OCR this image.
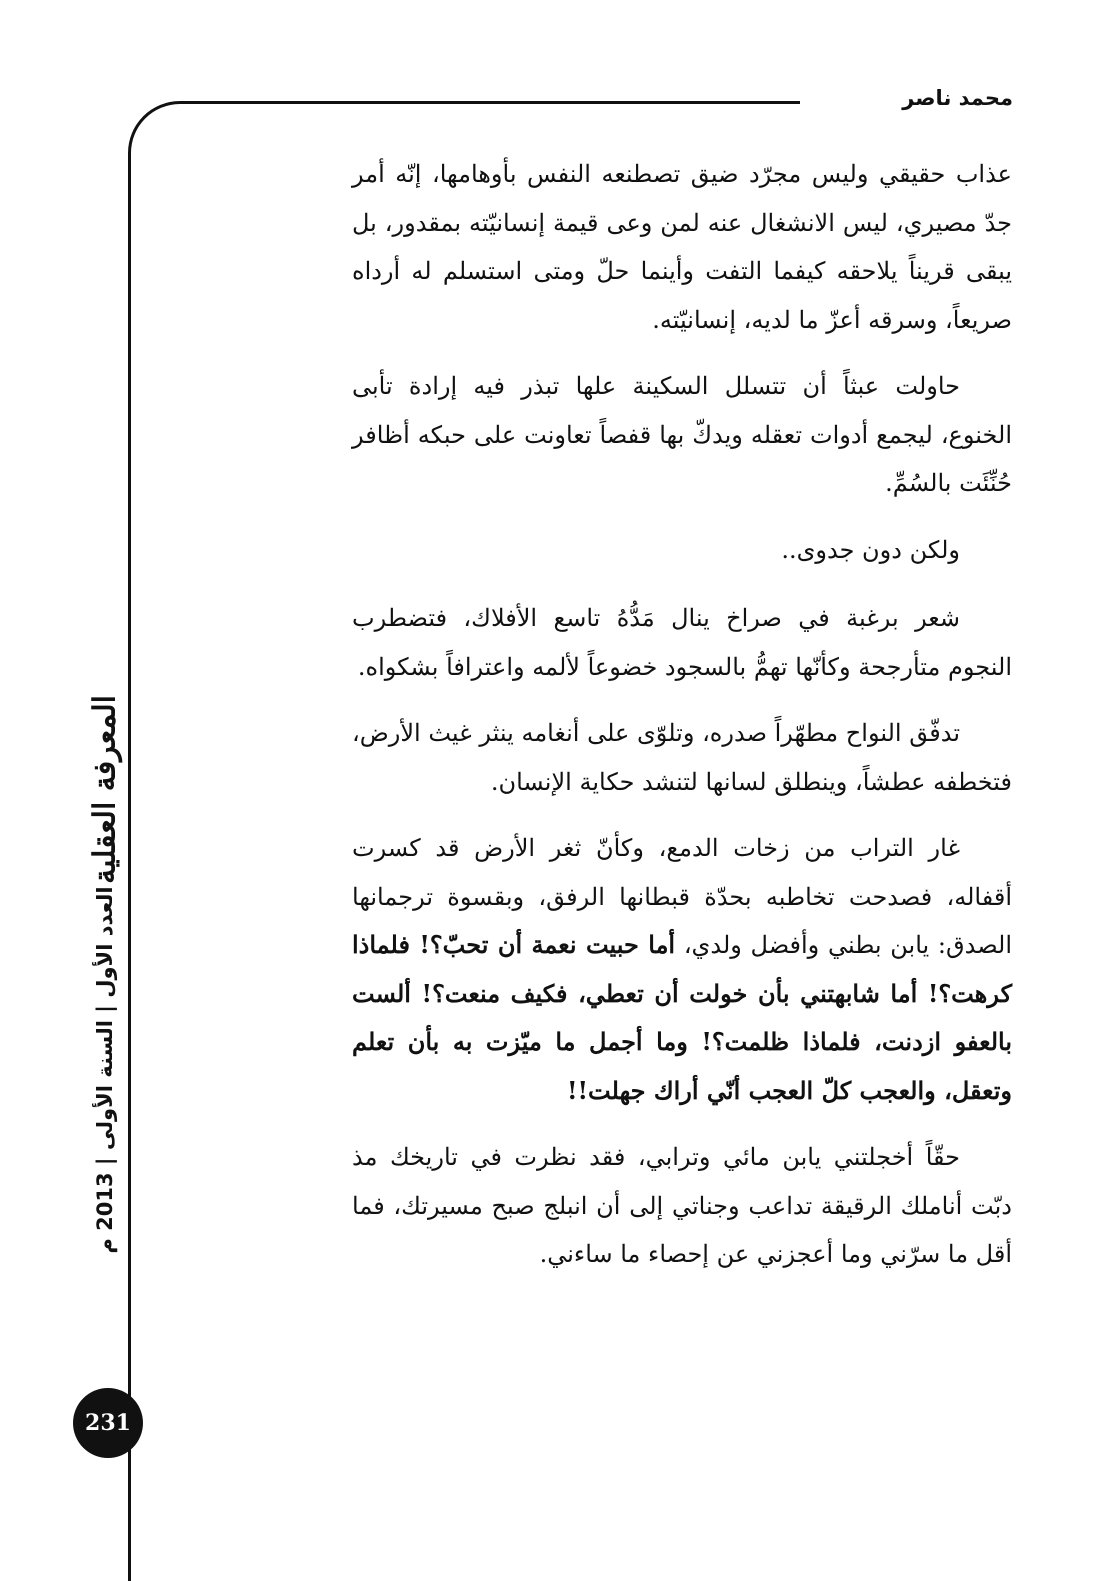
محمد ناصر

عذاب حقيقي وليس مجرّد ضيق تصطنعه النفس بأوهامها، إنّه أمر جدّ مصيري، ليس الانشغال عنه لمن وعى قيمة إنسانيّته بمقدور، بل يبقى قريناً يلاحقه كيفما التفت وأينما حلّ ومتى استسلم له أرداه صريعاً، وسرقه أعزّ ما لديه، إنسانيّته.

حاولت عبثاً أن تتسلل السكينة علها تبذر فيه إرادة تأبى الخنوع، ليجمع أدوات تعقله ويدكّ بها قفصاً تعاونت على حبكه أظافر حُنِّئَت بالسُمِّ.

ولكن دون جدوى..

شعر برغبة في صراخ ينال مَدُّهُ تاسع الأفلاك، فتضطرب النجوم متأرجحة وكأنّها تهمُّ بالسجود خضوعاً لألمه واعترافاً بشكواه.

تدفّق النواح مطهّراً صدره، وتلوّى على أنغامه ينثر غيث الأرض، فتخطفه عطشاً، وينطلق لسانها لتنشد حكاية الإنسان.

غار التراب من زخات الدمع، وكأنّ ثغر الأرض قد كسرت أقفاله، فصدحت تخاطبه بحدّة قبطانها الرفق، وبقسوة ترجمانها الصدق: يابن بطني وأفضل ولدي، أما حبيت نعمة أن تحبّ؟! فلماذا كرهت؟! أما شابهتني بأن خولت أن تعطي، فكيف منعت؟! ألست بالعفو ازدنت، فلماذا ظلمت؟! وما أجمل ما ميّزت به بأن تعلم وتعقل، والعجب كلّ العجب أنّي أراك جهلت!!

حقّاً أخجلتني يابن مائي وترابي، فقد نظرت في تاريخك مذ دبّت أناملك الرقيقة تداعب وجناتي إلى أن انبلج صبح مسيرتك، فما أقل ما سرّني وما أعجزني عن إحصاء ما ساءني.

المعرفة العقلية
العدد الأول | السنة الأولى | 2013 م
231
